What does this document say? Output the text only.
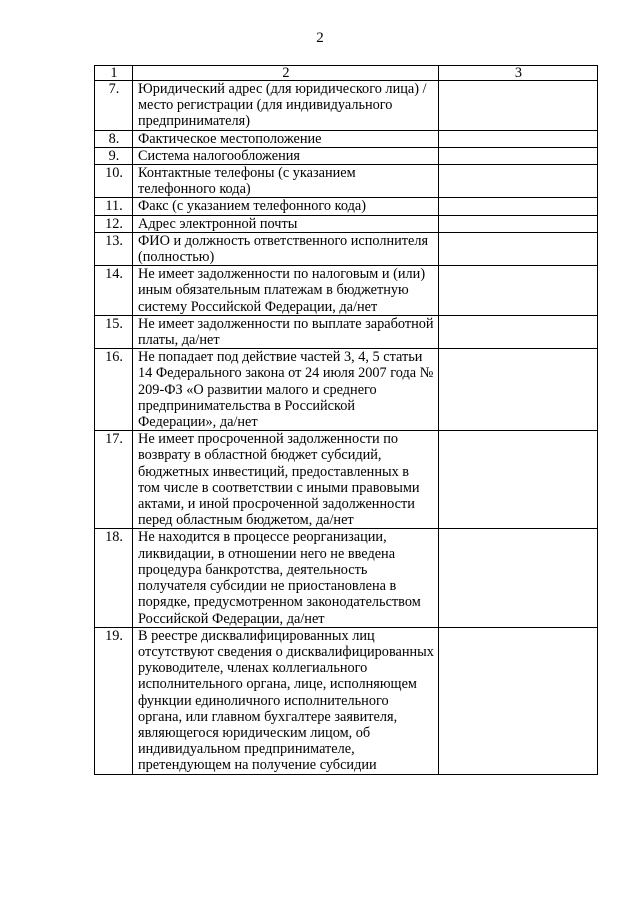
2
1	2	3
7.	Юридический адрес (для юридического лица) /место регистрации (для индивидуального предпринимателя)	
8.	Фактическое местоположение	
9.	Система налогообложения	
10.	Контактные телефоны (с указанием телефонного кода)	
11.	Факс (с указанием телефонного кода)	
12.	Адрес электронной почты	
13.	ФИО и должность ответственного исполнителя (полностью)	
14.	Не имеет задолженности по налоговым и (или) иным обязательным платежам в бюджетную систему Российской Федерации, да/нет	
15.	Не имеет задолженности по выплате заработной платы, да/нет	
16.	Не попадает под действие частей 3, 4, 5 статьи 14 Федерального закона от 24 июля 2007 года № 209-ФЗ «О развитии малого и среднего предпринимательства в Российской Федерации», да/нет	
17.	Не имеет просроченной задолженности по возврату в областной бюджет субсидий, бюджетных инвестиций, предоставленных в том числе в соответствии с иными правовыми актами, и иной просроченной задолженности перед областным бюджетом, да/нет	
18.	Не находится в процессе реорганизации, ликвидации, в отношении него не введена процедура банкротства, деятельность получателя субсидии не приостановлена в порядке, предусмотренном законодательством Российской Федерации, да/нет	
19.	В реестре дисквалифицированных лиц отсутствуют сведения о дисквалифицированных руководителе, членах коллегиального исполнительного органа, лице, исполняющем функции единоличного исполнительного органа, или главном бухгалтере заявителя, являющегося юридическим лицом, об индивидуальном предпринимателе, претендующем на получение субсидии	
